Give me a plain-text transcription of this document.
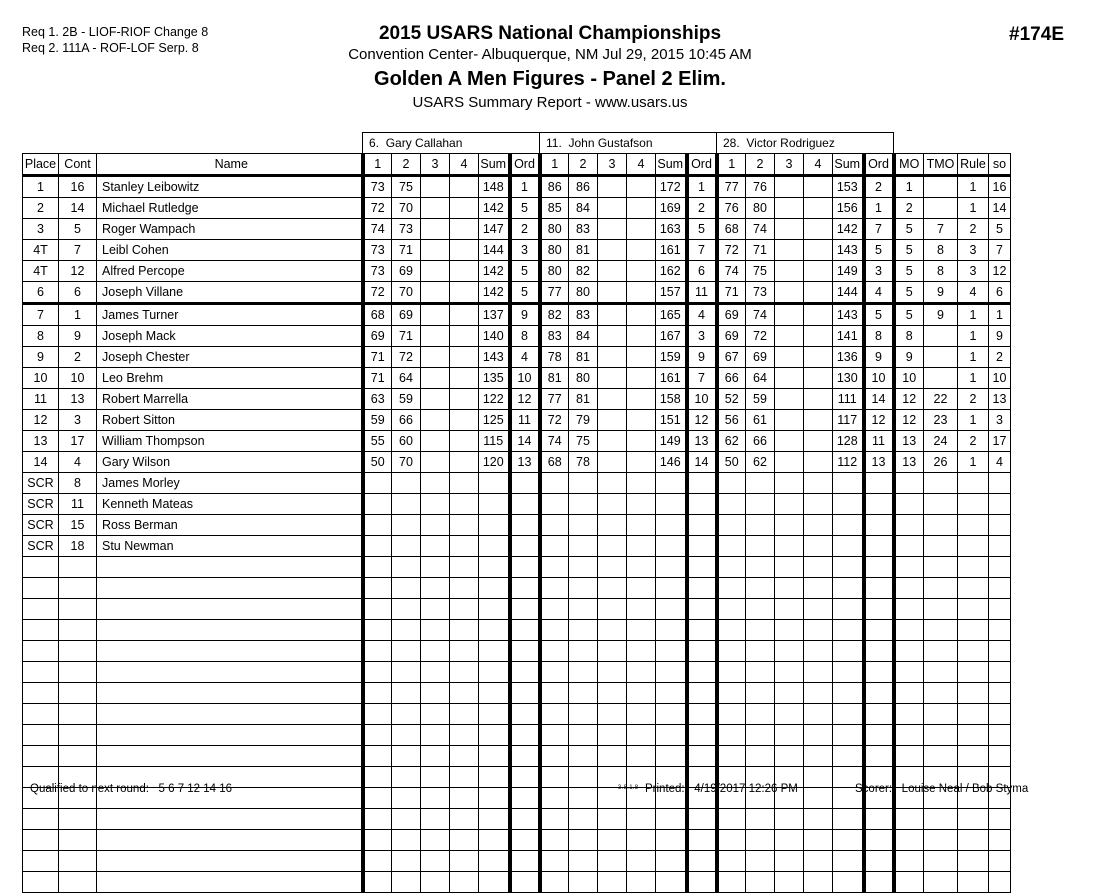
Req 1. 2B - LIOF-RIOF Change 8
Req 2. 111A - ROF-LOF Serp. 8
2015 USARS National Championships
Convention Center- Albuquerque, NM Jul 29, 2015 10:45 AM
Golden A Men Figures - Panel 2 Elim.
USARS Summary Report - www.usars.us
#174E
			6. Gary Callahan						11. John Gustafson						28. Victor Rodriguez									
Place	Cont	Name	1	2	3	4	Sum	Ord	1	2	3	4	Sum	Ord	1	2	3	4	Sum	Ord	MO	TMO	Rule	so
1	16	Stanley Leibowitz	73	75			148	1	86	86			172	1	77	76			153	2	1		1	16
2	14	Michael Rutledge	72	70			142	5	85	84			169	2	76	80			156	1	2		1	14
3	5	Roger Wampach	74	73			147	2	80	83			163	5	68	74			142	7	5	7	2	5
4T	7	Leibl Cohen	73	71			144	3	80	81			161	7	72	71			143	5	5	8	3	7
4T	12	Alfred Percope	73	69			142	5	80	82			162	6	74	75			149	3	5	8	3	12
6	6	Joseph Villane	72	70			142	5	77	80			157	11	71	73			144	4	5	9	4	6
7	1	James Turner	68	69			137	9	82	83			165	4	69	74			143	5	5	9	1	1
8	9	Joseph Mack	69	71			140	8	83	84			167	3	69	72			141	8	8		1	9
9	2	Joseph Chester	71	72			143	4	78	81			159	9	67	69			136	9	9		1	2
10	10	Leo Brehm	71	64			135	10	81	80			161	7	66	64			130	10	10		1	10
11	13	Robert Marrella	63	59			122	12	77	81			158	10	52	59			111	14	12	22	2	13
12	3	Robert Sitton	59	66			125	11	72	79			151	12	56	61			117	12	12	23	1	3
13	17	William Thompson	55	60			115	14	74	75			149	13	62	66			128	11	13	24	2	17
14	4	Gary Wilson	50	70			120	13	68	78			146	14	50	62			112	13	13	26	1	4
SCR	8	James Morley																						
SCR	11	Kenneth Mateas																						
SCR	15	Ross Berman																						
SCR	18	Stu Newman																						

Qualified to next round: 5 6 7 12 14 16	3.8.1.8 Printed: 4/19/2017 12:26 PM	Scorer: Louise Neal / Bob Styma
